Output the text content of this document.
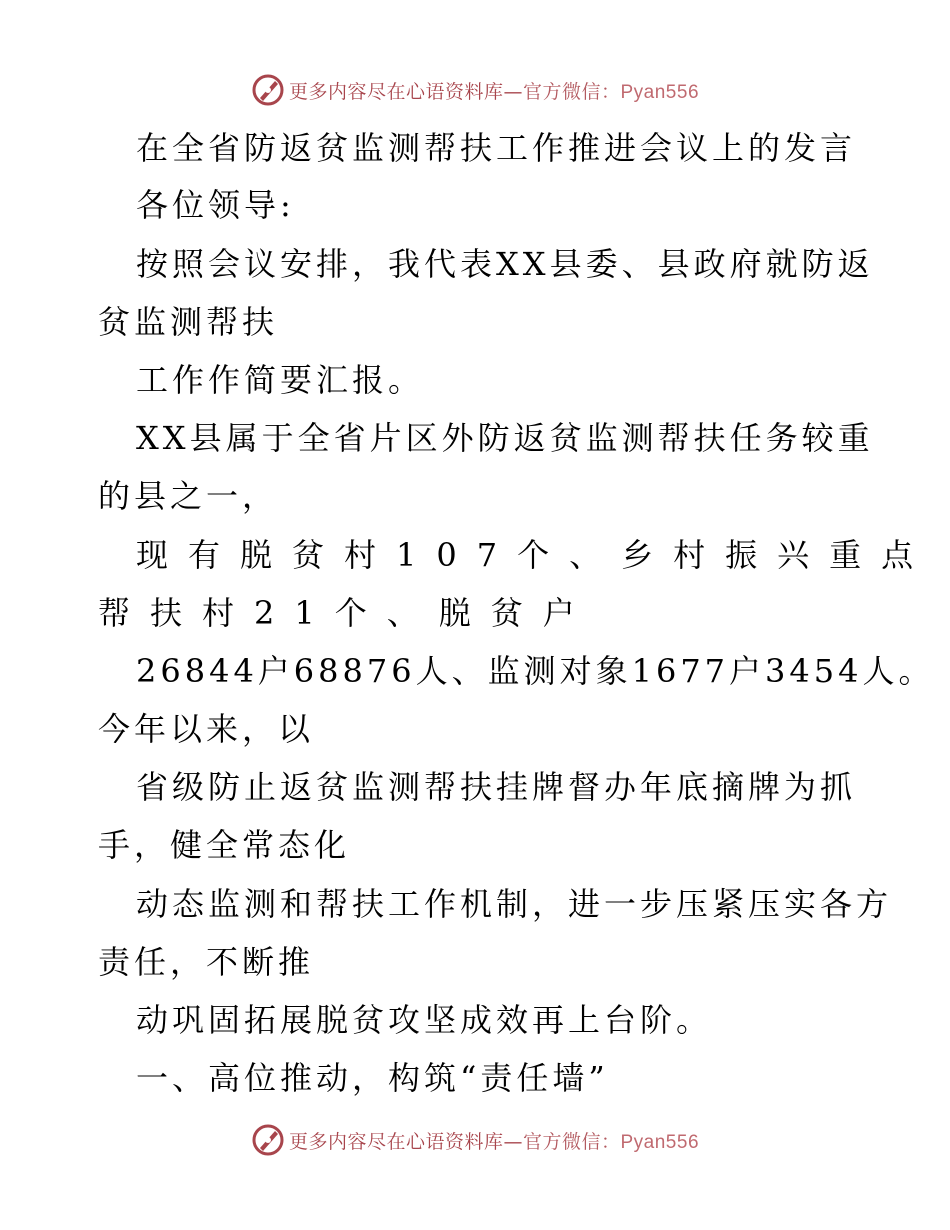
更多内容尽在心语资料库—官方微信：Pyan556
在全省防返贫监测帮扶工作推进会议上的发言
各位领导:
按照会议安排，我代表XX县委、县政府就防返
贫监测帮扶
工作作简要汇报。
XX县属于全省片区外防返贫监测帮扶任务较重
的县之一，
现有脱贫村107个、乡村振兴重点
帮扶村21个、脱贫户
26844户68876人、监测对象1677户3454人。
今年以来，以
省级防止返贫监测帮扶挂牌督办年底摘牌为抓
手，健全常态化
动态监测和帮扶工作机制，进一步压紧压实各方
责任，不断推
动巩固拓展脱贫攻坚成效再上台阶。
一、高位推动，构筑“责任墙”
更多内容尽在心语资料库—官方微信：Pyan556
